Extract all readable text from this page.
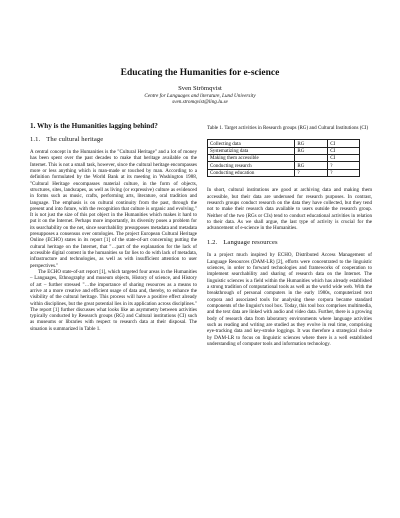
Educating the Humanities for e-science
Sven Strömqvist
Centre for Languages and literature, Lund University
sven.stromqvist@ling.lu.se
1. Why is the Humanities lagging behind?
1.1. The cultural heritage

A central concept in the Humanities is the "Cultural Heritage" and a lot of money has been spent over the past decades to make that heritage available on the Internet. This is not a small task, however, since the cultural heritage encompasses more or less anything which is man-made or touched by man. According to a definition formulated by the World Bank at its meeting in Washington 1988, "Cultural Heritage encompasses material culture, in the form of objects, structures, sites, landscapes, as well as living (or expressive) culture as evidenced in forms such as music, crafts, performing arts, literature, oral tradition and language. The emphasis is on cultural continuity from the past, through the present and into future, with the recognition that culture is organic and evolving." It is not just the size of this pot object in the Humanities which makes it hard to put it on the Internet. Perhaps more importantly, its diversity poses a problem for its searchability on the net, since searchability presupposes metadata and metadata presupposes a consensus over ontologies. The project European Cultural Heritage Online (ECHO) states in its report [1] of the state-of-art concerning putting the cultural heritage on the Internet, that "…part of the explanation for the lack of accessible digital content in the humanities so far lies to do with lack of metadata, infrastructure and technologies, as well as with insufficient attention to user perspectives."

The ECHO state-of-art report [1], which targeted four areas in the Humanities – Languages, Ethnography and museum objects, History of science, and History of art – further stressed "…the importance of sharing resources as a means to arrive at a more creative and efficient usage of data and, thereby, to enhance the visibility of the cultural heritage. This process will have a positive effect already within disciplines, but the great potential lies in its application across disciplines." The report [1] further discusses what looks like an asymmetry between activities typically conducted by Research groups (RG) and Cultural institutions (CI) such as museums or libraries with respect to research data at their disposal. The situation is summarized in Table 1.

Table 1. Target activities in Research groups (RG) and Cultural Institutions (CI)
Collecting data	RG	CI
Systematizing data	RG	CI
Making them accessible		CI
Conducting research	RG	?
Conducting education	?	?

In short, cultural institutions are good at archiving data and making them accessible, but their data are underused for research purposes. In contrast, research groups conduct research on the data they have collected, but they tend not to make their research data available to users outside the research group. Neither of the two (RGs or CIs) tend to conduct educational activities in relation to their data. As we shall argue, the last type of activity is crucial for the advancement of e-science in the Humanities.

1.2. Language resources

In a project much inspired by ECHO, Distributed Access Management of Language Resources (DAM-LR) [2], efforts were concentrated to the linguistic sciences, in order to forward technologies and frameworks of cooperation to implement searchability and sharing of research data on the Internet. The linguistic sciences is a field within the Humanities which has already established a strong tradition of computational tools as well as the world wide web. With the breakthrough of personal computers in the early 1980s, computerized text corpora and associated tools for analysing these corpora became standard components of the linguist's tool box. Today, this tool box comprises multimedia, and the text data are linked with audio and video data. Further, there is a growing body of research data from laboratory environments where language activities such as reading and writing are studied as they evolve in real time, comprising eye-tracking data and key-stroke loggings. It was therefore a strategical choice by DAM-LR to focus on linguistic sciences where there is a well established understanding of computer tools and information technology.
